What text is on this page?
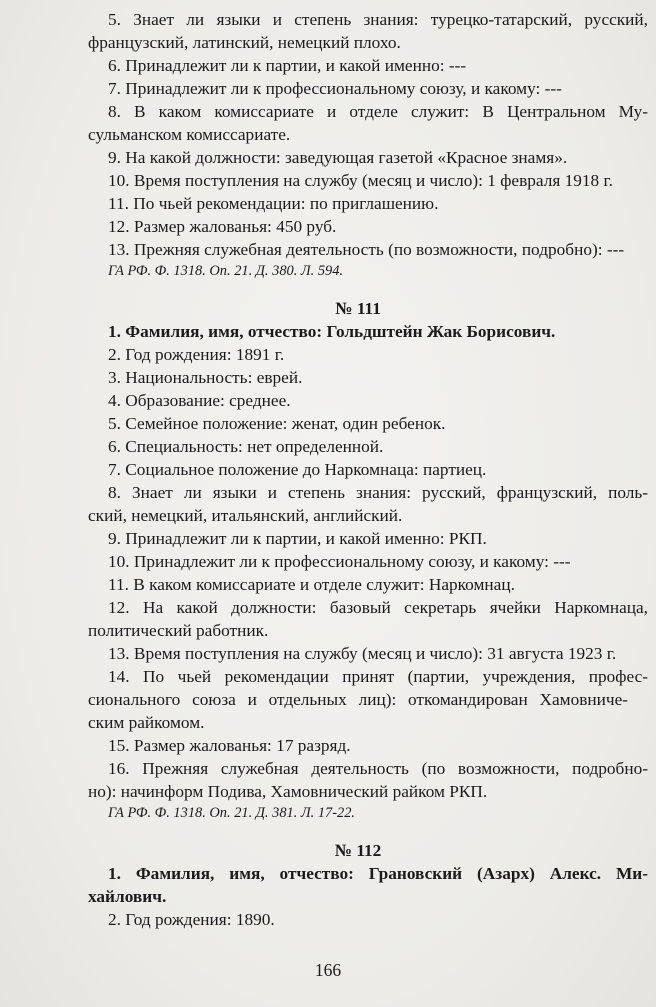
5. Знает ли языки и степень знания: турецко-татарский, русский,
французский, латинский, немецкий плохо.
6. Принадлежит ли к партии, и какой именно: ---
7. Принадлежит ли к профессиональному союзу, и какому: ---
8. В каком комиссариате и отделе служит: В Центральном Му-
сульманском комиссариате.
9. На какой должности: заведующая газетой «Красное знамя».
10. Время поступления на службу (месяц и число): 1 февраля 1918 г.
11. По чьей рекомендации: по приглашению.
12. Размер жалованья: 450 руб.
13. Прежняя служебная деятельность (по возможности, подробно): ---
ГА РФ. Ф. 1318. Оп. 21. Д. 380. Л. 594.
№ 111
1. Фамилия, имя, отчество: Гольдштейн Жак Борисович.
2. Год рождения: 1891 г.
3. Национальность: еврей.
4. Образование: среднее.
5. Семейное положение: женат, один ребенок.
6. Специальность: нет определенной.
7. Социальное положение до Наркомнаца: партиец.
8. Знает ли языки и степень знания: русский, французский, поль-
ский, немецкий, итальянский, английский.
9. Принадлежит ли к партии, и какой именно: РКП.
10. Принадлежит ли к профессиональному союзу, и какому: ---
11. В каком комиссариате и отделе служит: Наркомнац.
12. На какой должности: базовый секретарь ячейки Наркомнаца,
политический работник.
13. Время поступления на службу (месяц и число): 31 августа 1923 г.
14. По чьей рекомендации принят (партии, учреждения, профес-
сионального союза и отдельных лиц): откомандирован Хамовниче-
ским райкомом.
15. Размер жалованья: 17 разряд.
16. Прежняя служебная деятельность (по возможности, подробно-
но): начинформ Подива, Хамовнический райком РКП.
ГА РФ. Ф. 1318. Оп. 21. Д. 381. Л. 17-22.
№ 112
1. Фамилия, имя, отчество: Грановский (Азарх) Алекс. Ми-
хайлович.
2. Год рождения: 1890.
166
